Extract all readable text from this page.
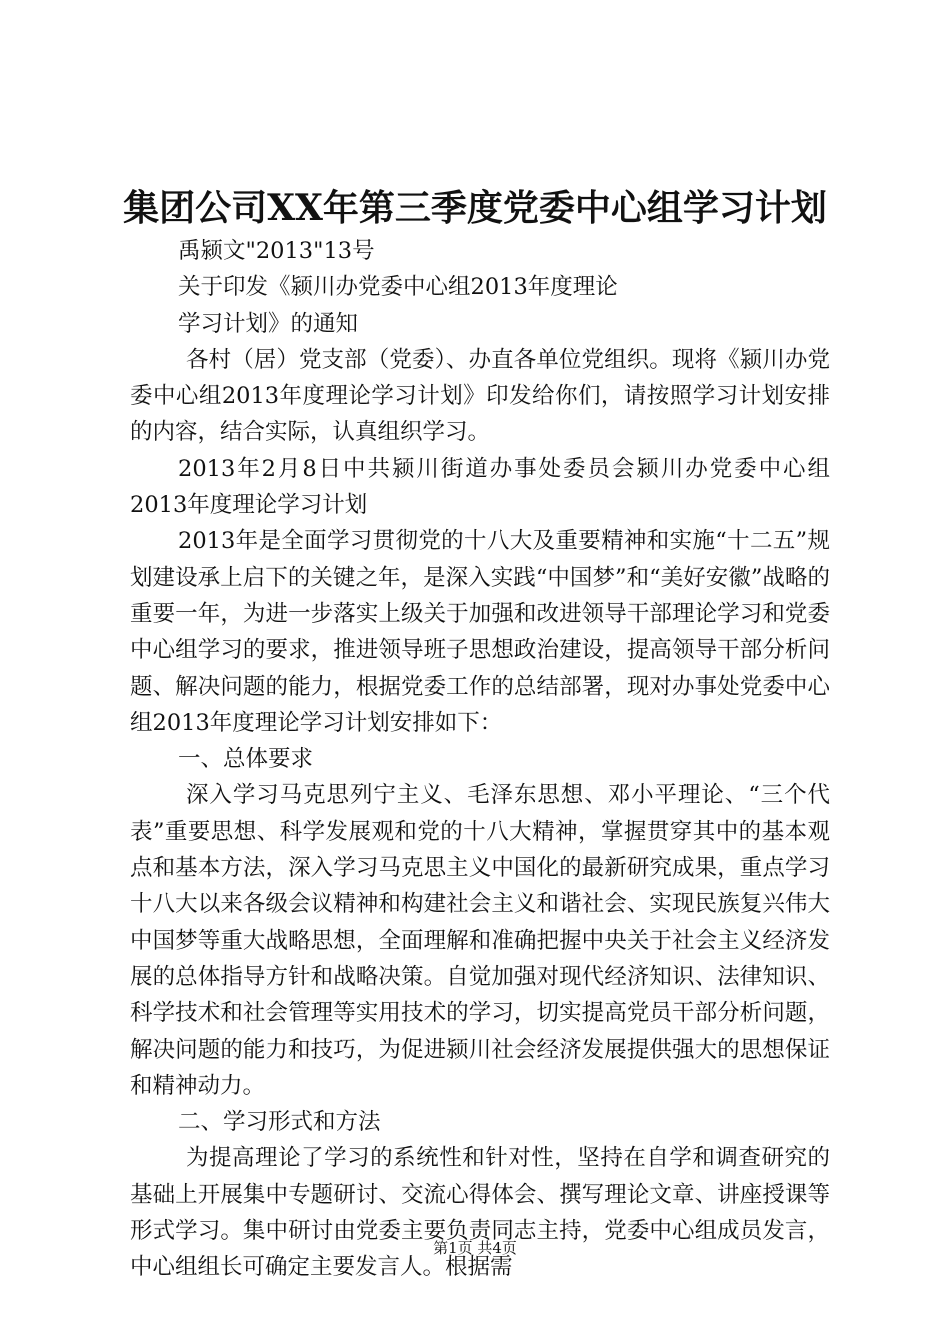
集团公司XX年第三季度党委中心组学习计划

禹颍文"2013"13号

关于印发《颍川办党委中心组2013年度理论

学习计划》的通知

各村（居）党支部（党委）、办直各单位党组织。现将《颍川办党委中心组2013年度理论学习计划》印发给你们，请按照学习计划安排的内容，结合实际，认真组织学习。

2013年2月8日中共颍川街道办事处委员会颍川办党委中心组2013年度理论学习计划

2013年是全面学习贯彻党的十八大及重要精神和实施“十二五”规划建设承上启下的关键之年，是深入实践“中国梦”和“美好安徽”战略的重要一年，为进一步落实上级关于加强和改进领导干部理论学习和党委中心组学习的要求，推进领导班子思想政治建设，提高领导干部分析问题、解决问题的能力，根据党委工作的总结部署，现对办事处党委中心组2013年度理论学习计划安排如下：

一、总体要求

深入学习马克思列宁主义、毛泽东思想、邓小平理论、“三个代表”重要思想、科学发展观和党的十八大精神，掌握贯穿其中的基本观点和基本方法，深入学习马克思主义中国化的最新研究成果，重点学习十八大以来各级会议精神和构建社会主义和谐社会、实现民族复兴伟大中国梦等重大战略思想，全面理解和准确把握中央关于社会主义经济发展的总体指导方针和战略决策。自觉加强对现代经济知识、法律知识、科学技术和社会管理等实用技术的学习，切实提高党员干部分析问题，解决问题的能力和技巧，为促进颍川社会经济发展提供强大的思想保证和精神动力。

二、学习形式和方法

为提高理论了学习的系统性和针对性，坚持在自学和调查研究的基础上开展集中专题研讨、交流心得体会、撰写理论文章、讲座授课等形式学习。集中研讨由党委主要负责同志主持，党委中心组成员发言，中心组组长可确定主要发言人。根据需

第1页 共4页
